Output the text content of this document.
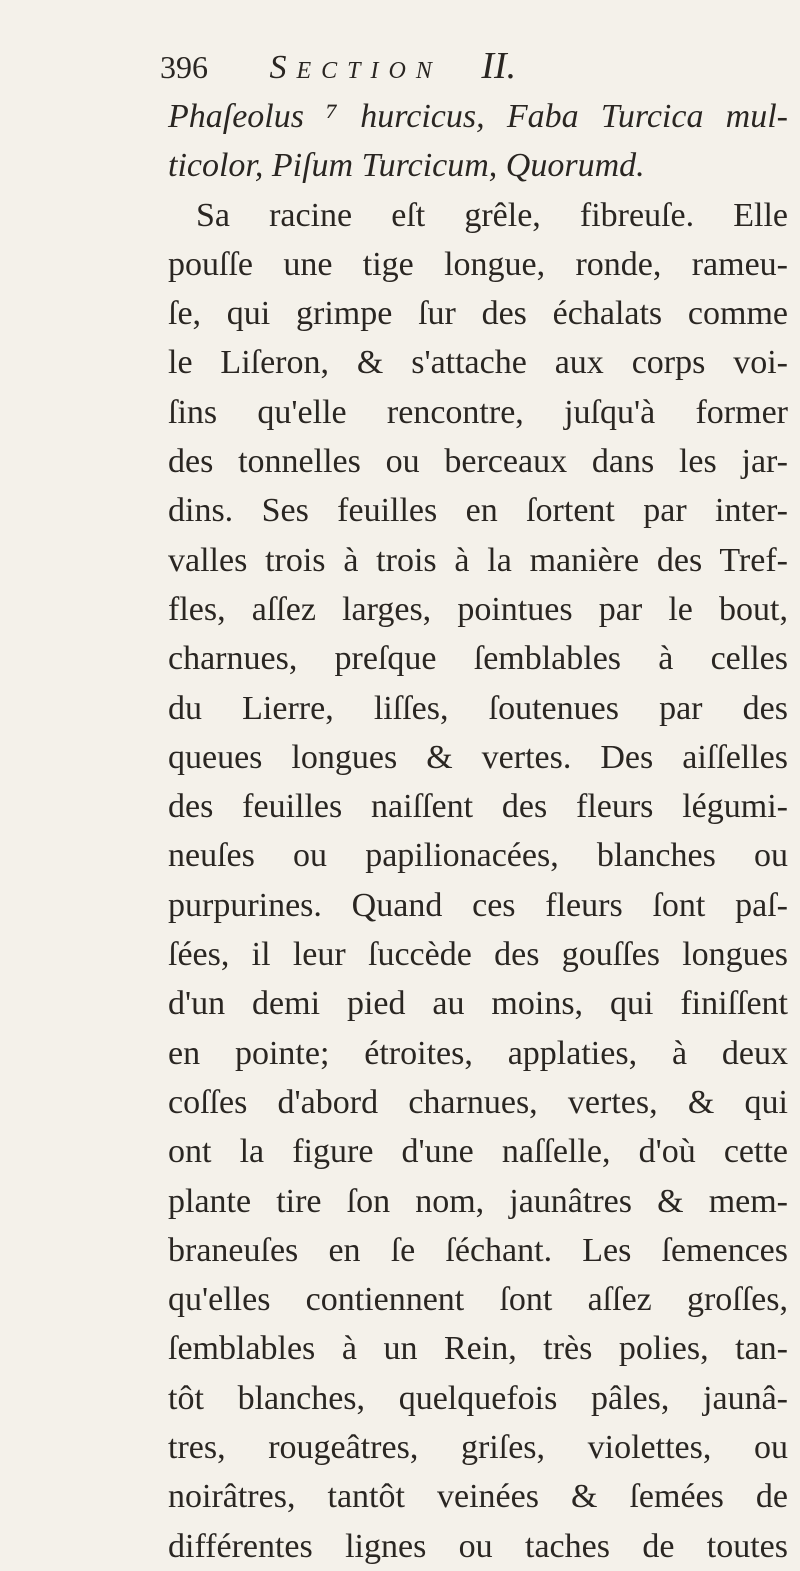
396 Section II.
Phaſeolus ⁷ hurcicus, Faba Turcica mul-
ticolor, Piſum Turcicum, Quorumd.
Sa racine eſt grêle, fibreuſe. Elle
pouſſe une tige longue, ronde, rameu-
ſe, qui grimpe ſur des échalats comme
le Liſeron, & s'attache aux corps voi-
ſins qu'elle rencontre, juſqu'à former
des tonnelles ou berceaux dans les jar-
dins. Ses feuilles en ſortent par inter-
valles trois à trois à la manière des Tref-
fles, aſſez larges, pointues par le bout,
charnues, preſque ſemblables à celles
du Lierre, liſſes, ſoutenues par des
queues longues & vertes. Des aiſſelles
des feuilles naiſſent des fleurs légumi-
neuſes ou papilionacées, blanches ou
purpurines. Quand ces fleurs ſont paſ-
ſées, il leur ſuccède des gouſſes longues
d'un demi pied au moins, qui finiſſent
en pointe; étroites, applaties, à deux
coſſes d'abord charnues, vertes, & qui
ont la figure d'une naſſelle, d'où cette
plante tire ſon nom, jaunâtres & mem-
braneuſes en ſe ſéchant. Les ſemences
qu'elles contiennent ſont aſſez groſſes,
ſemblables à un Rein, très polies, tan-
tôt blanches, quelquefois pâles, jaunâ-
tres, rougeâtres, griſes, violettes, ou
noirâtres, tantôt veinées & ſemées de
différentes lignes ou taches de toutes
